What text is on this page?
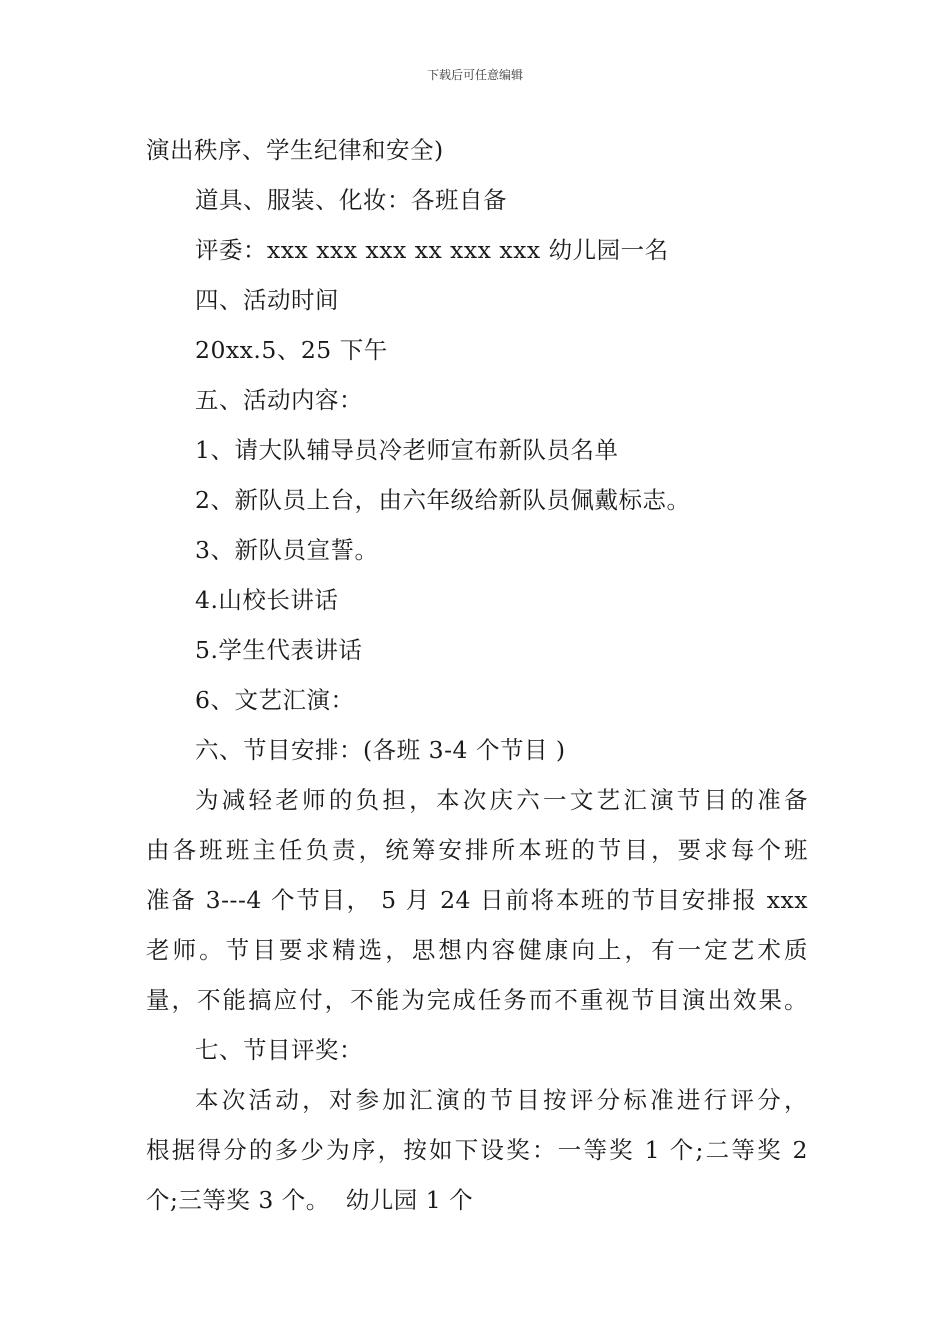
下载后可任意编辑
演出秩序、学生纪律和安全)
道具、服装、化妆：各班自备
评委：xxx xxx xxx xx xxx xxx 幼儿园一名
四、活动时间
20xx.5、25 下午
五、活动内容：
1、请大队辅导员冷老师宣布新队员名单
2、新队员上台，由六年级给新队员佩戴标志。
3、新队员宣誓。
4.山校长讲话
5.学生代表讲话
6、文艺汇演：
六、节目安排：(各班 3-4 个节目 )
为减轻老师的负担，本次庆六一文艺汇演节目的准备
由各班班主任负责，统筹安排所本班的节目，要求每个班
准备 3---4 个节目， 5 月 24 日前将本班的节目安排报 xxx
老师。节目要求精选，思想内容健康向上，有一定艺术质
量，不能搞应付，不能为完成任务而不重视节目演出效果。
七、节目评奖：
本次活动，对参加汇演的节目按评分标准进行评分，
根据得分的多少为序，按如下设奖：一等奖 1 个;二等奖 2
个;三等奖 3 个。  幼儿园 1 个
